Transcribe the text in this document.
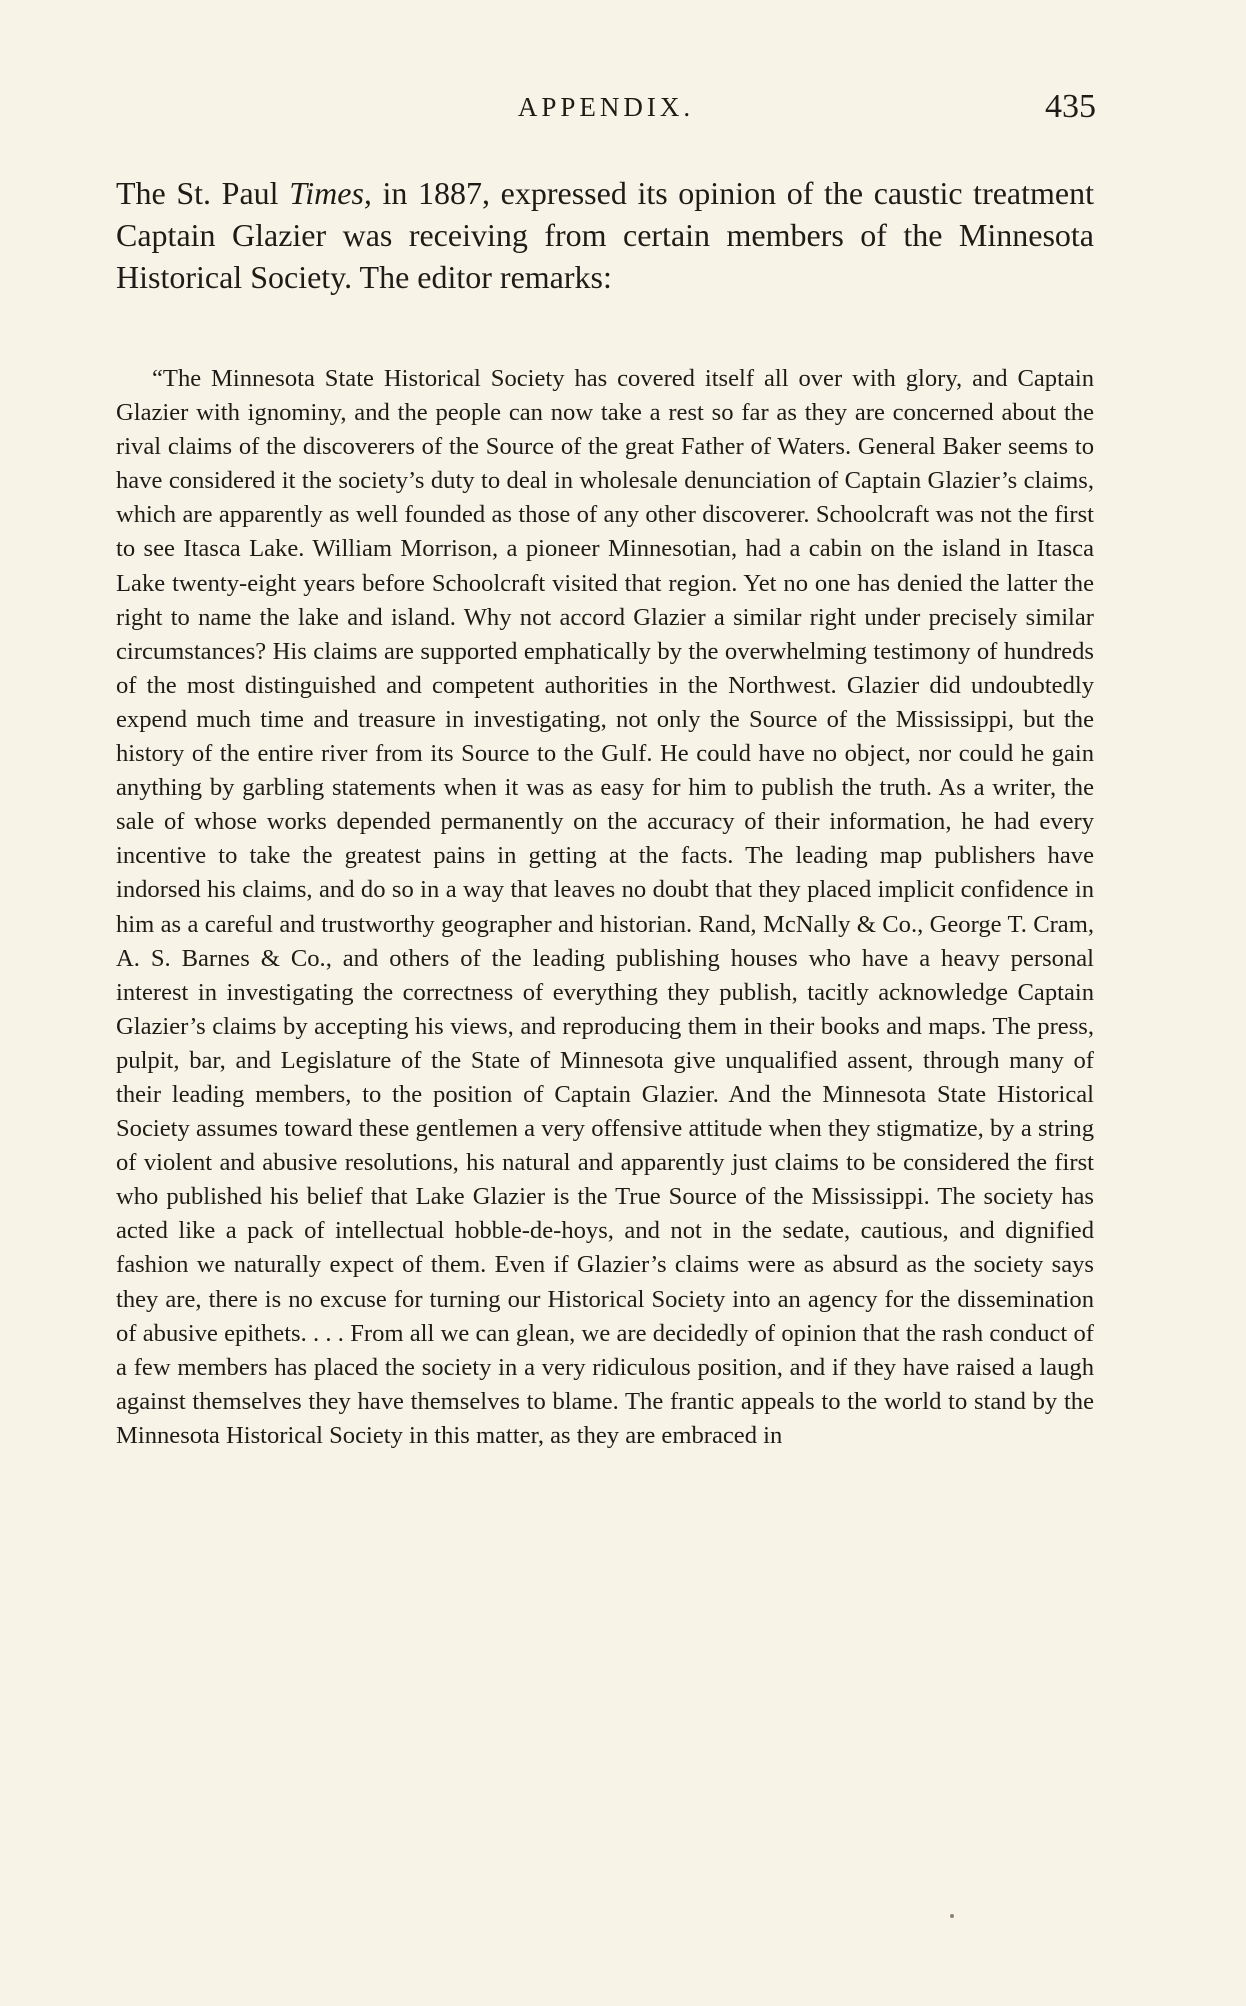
APPENDIX.	435

The St. Paul Times, in 1887, expressed its opinion of the caustic treatment Captain Glazier was receiving from certain members of the Minnesota Historical Society. The editor remarks:

“The Minnesota State Historical Society has covered itself all over with glory, and Captain Glazier with ignominy, and the people can now take a rest so far as they are concerned about the rival claims of the discoverers of the Source of the great Father of Waters. General Baker seems to have considered it the society’s duty to deal in wholesale denunciation of Captain Glazier’s claims, which are apparently as well founded as those of any other discoverer. Schoolcraft was not the first to see Itasca Lake. William Morrison, a pioneer Minnesotian, had a cabin on the island in Itasca Lake twenty-eight years before Schoolcraft visited that region. Yet no one has denied the latter the right to name the lake and island. Why not accord Glazier a similar right under precisely similar circumstances? His claims are supported emphatically by the overwhelming testimony of hundreds of the most distinguished and competent authorities in the Northwest. Glazier did undoubtedly expend much time and treasure in investigating, not only the Source of the Mississippi, but the history of the entire river from its Source to the Gulf. He could have no object, nor could he gain anything by garbling statements when it was as easy for him to publish the truth. As a writer, the sale of whose works depended permanently on the accuracy of their information, he had every incentive to take the greatest pains in getting at the facts. The leading map publishers have indorsed his claims, and do so in a way that leaves no doubt that they placed implicit confidence in him as a careful and trustworthy geographer and historian. Rand, McNally & Co., George T. Cram, A. S. Barnes & Co., and others of the leading publishing houses who have a heavy personal interest in investigating the correctness of everything they publish, tacitly acknowledge Captain Glazier’s claims by accepting his views, and reproducing them in their books and maps. The press, pulpit, bar, and Legislature of the State of Minnesota give unqualified assent, through many of their leading members, to the position of Captain Glazier. And the Minnesota State Historical Society assumes toward these gentlemen a very offensive attitude when they stigmatize, by a string of violent and abusive resolutions, his natural and apparently just claims to be considered the first who published his belief that Lake Glazier is the True Source of the Mississippi. The society has acted like a pack of intellectual hobble-de-hoys, and not in the sedate, cautious, and dignified fashion we naturally expect of them. Even if Glazier’s claims were as absurd as the society says they are, there is no excuse for turning our Historical Society into an agency for the dissemination of abusive epithets. . . . From all we can glean, we are decidedly of opinion that the rash conduct of a few members has placed the society in a very ridiculous position, and if they have raised a laugh against themselves they have themselves to blame. The frantic appeals to the world to stand by the Minnesota Historical Society in this matter, as they are embraced in
